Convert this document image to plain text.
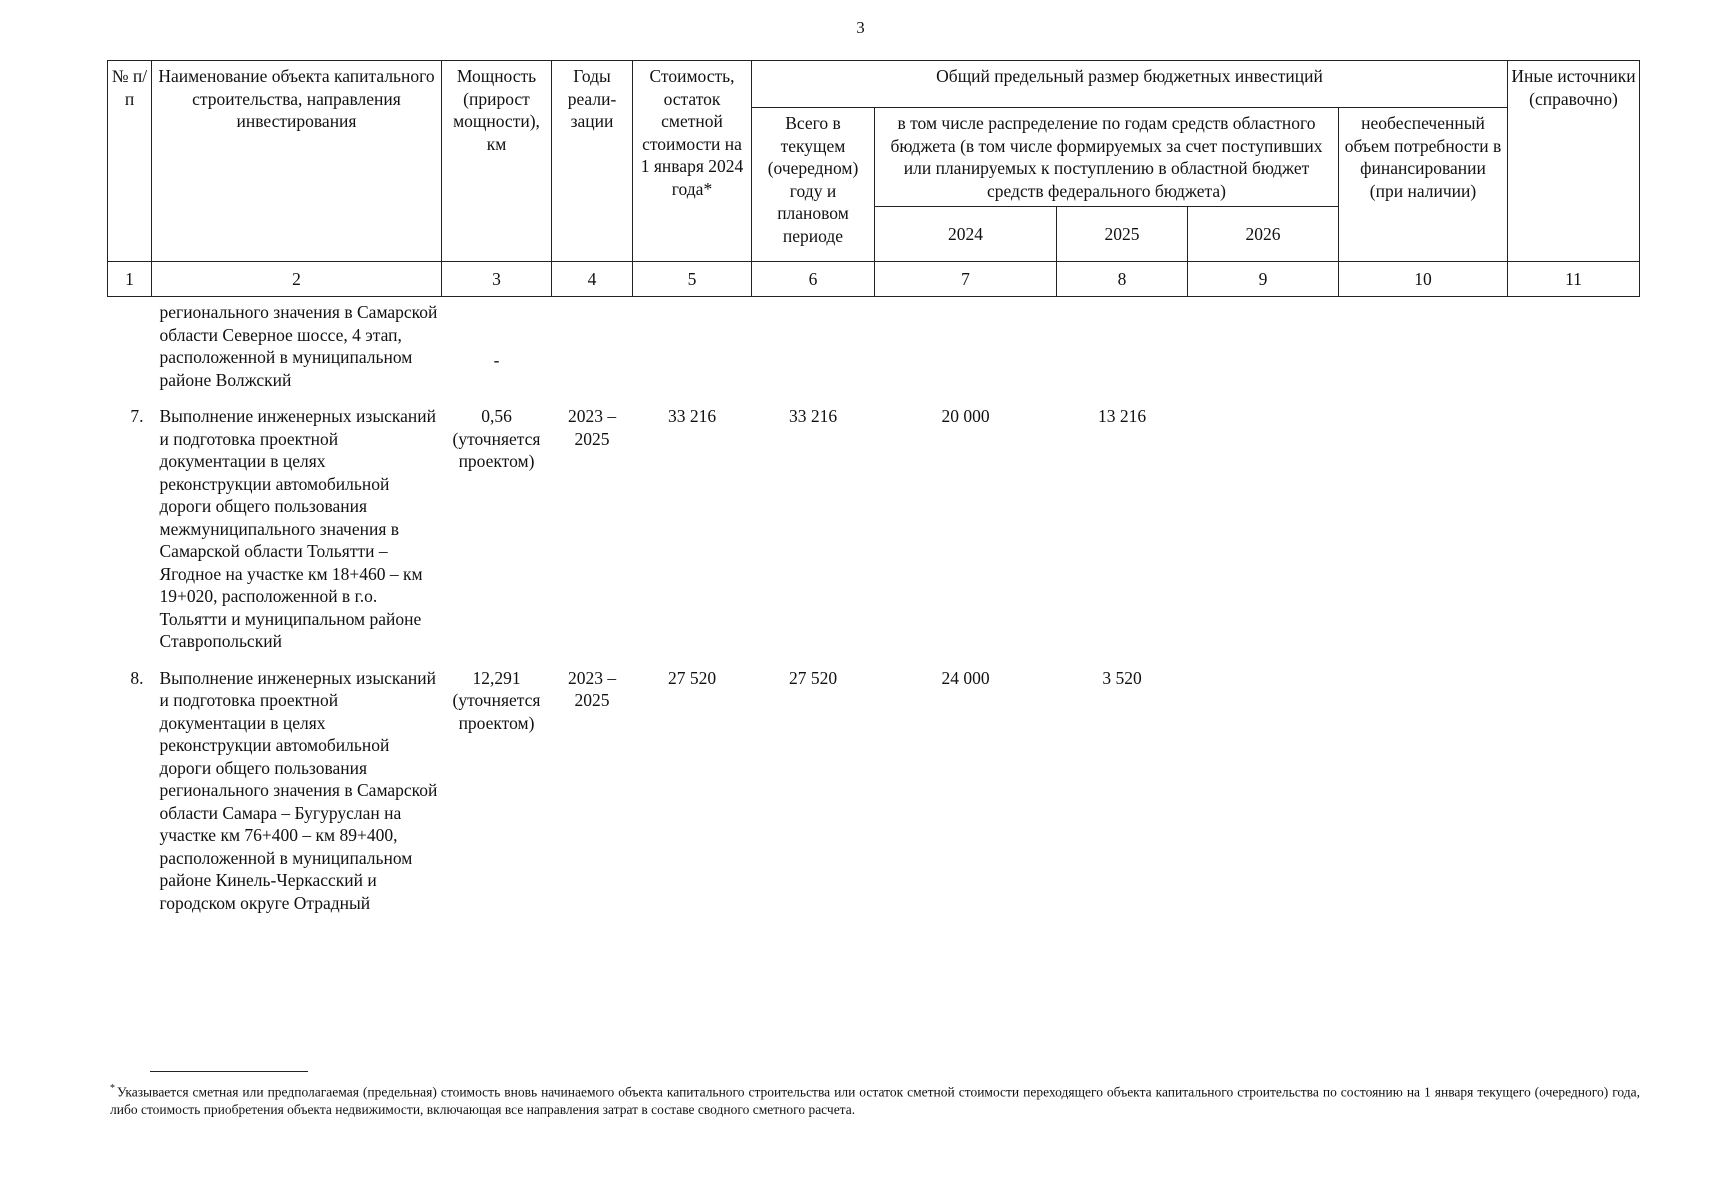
3
№ п/п	Наименование объекта капитального строительства, направления инвестирования	Мощность (прирост мощности), км	Годы реали-зации	Стоимость, остаток сметной стоимости на 1 января 2024 года*	Общий предельный размер бюджетных инвестиций					Иные источники (справочно)
					Всего в текущем (очередном) году и плановом периоде	в том числе распределение по годам средств областного бюджета (в том числе формируемых за счет поступивших или планируемых к поступлению в областной бюджет средств федерального бюджета)			необеспеченный объем потребности в финансировании (при наличии)	
						2024	2025	2026		
1	2	3	4	5	6	7	8	9	10	11
	регионального значения в Самарской области Северное шоссе, 4 этап, расположенной в муниципальном районе Волжский	-								

7.	Выполнение инженерных изысканий и подготовка проектной документации в целях реконструкции автомобильной дороги общего пользования межмуниципального значения в Самарской области Тольятти – Ягодное на участке км 18+460 – км 19+020, расположенной в г.о. Тольятти и муниципальном районе Ставропольский	0,56 (уточняется проектом)	2023 – 2025	33 216	33 216	20 000	13 216			

8.	Выполнение инженерных изысканий и подготовка проектной документации в целях реконструкции автомобильной дороги общего пользования регионального значения в Самарской области Самара – Бугуруслан на участке км 76+400 – км 89+400, расположенной в муниципальном районе Кинель-Черкасский и городском округе Отрадный	12,291 (уточняется проектом)	2023 – 2025	27 520	27 520	24 000	3 520			
* Указывается сметная или предполагаемая (предельная) стоимость вновь начинаемого объекта капитального строительства или остаток сметной стоимости переходящего объекта капитального строительства по состоянию на 1 января текущего (очередного) года, либо стоимость приобретения объекта недвижимости, включающая все направления затрат в составе сводного сметного расчета.
